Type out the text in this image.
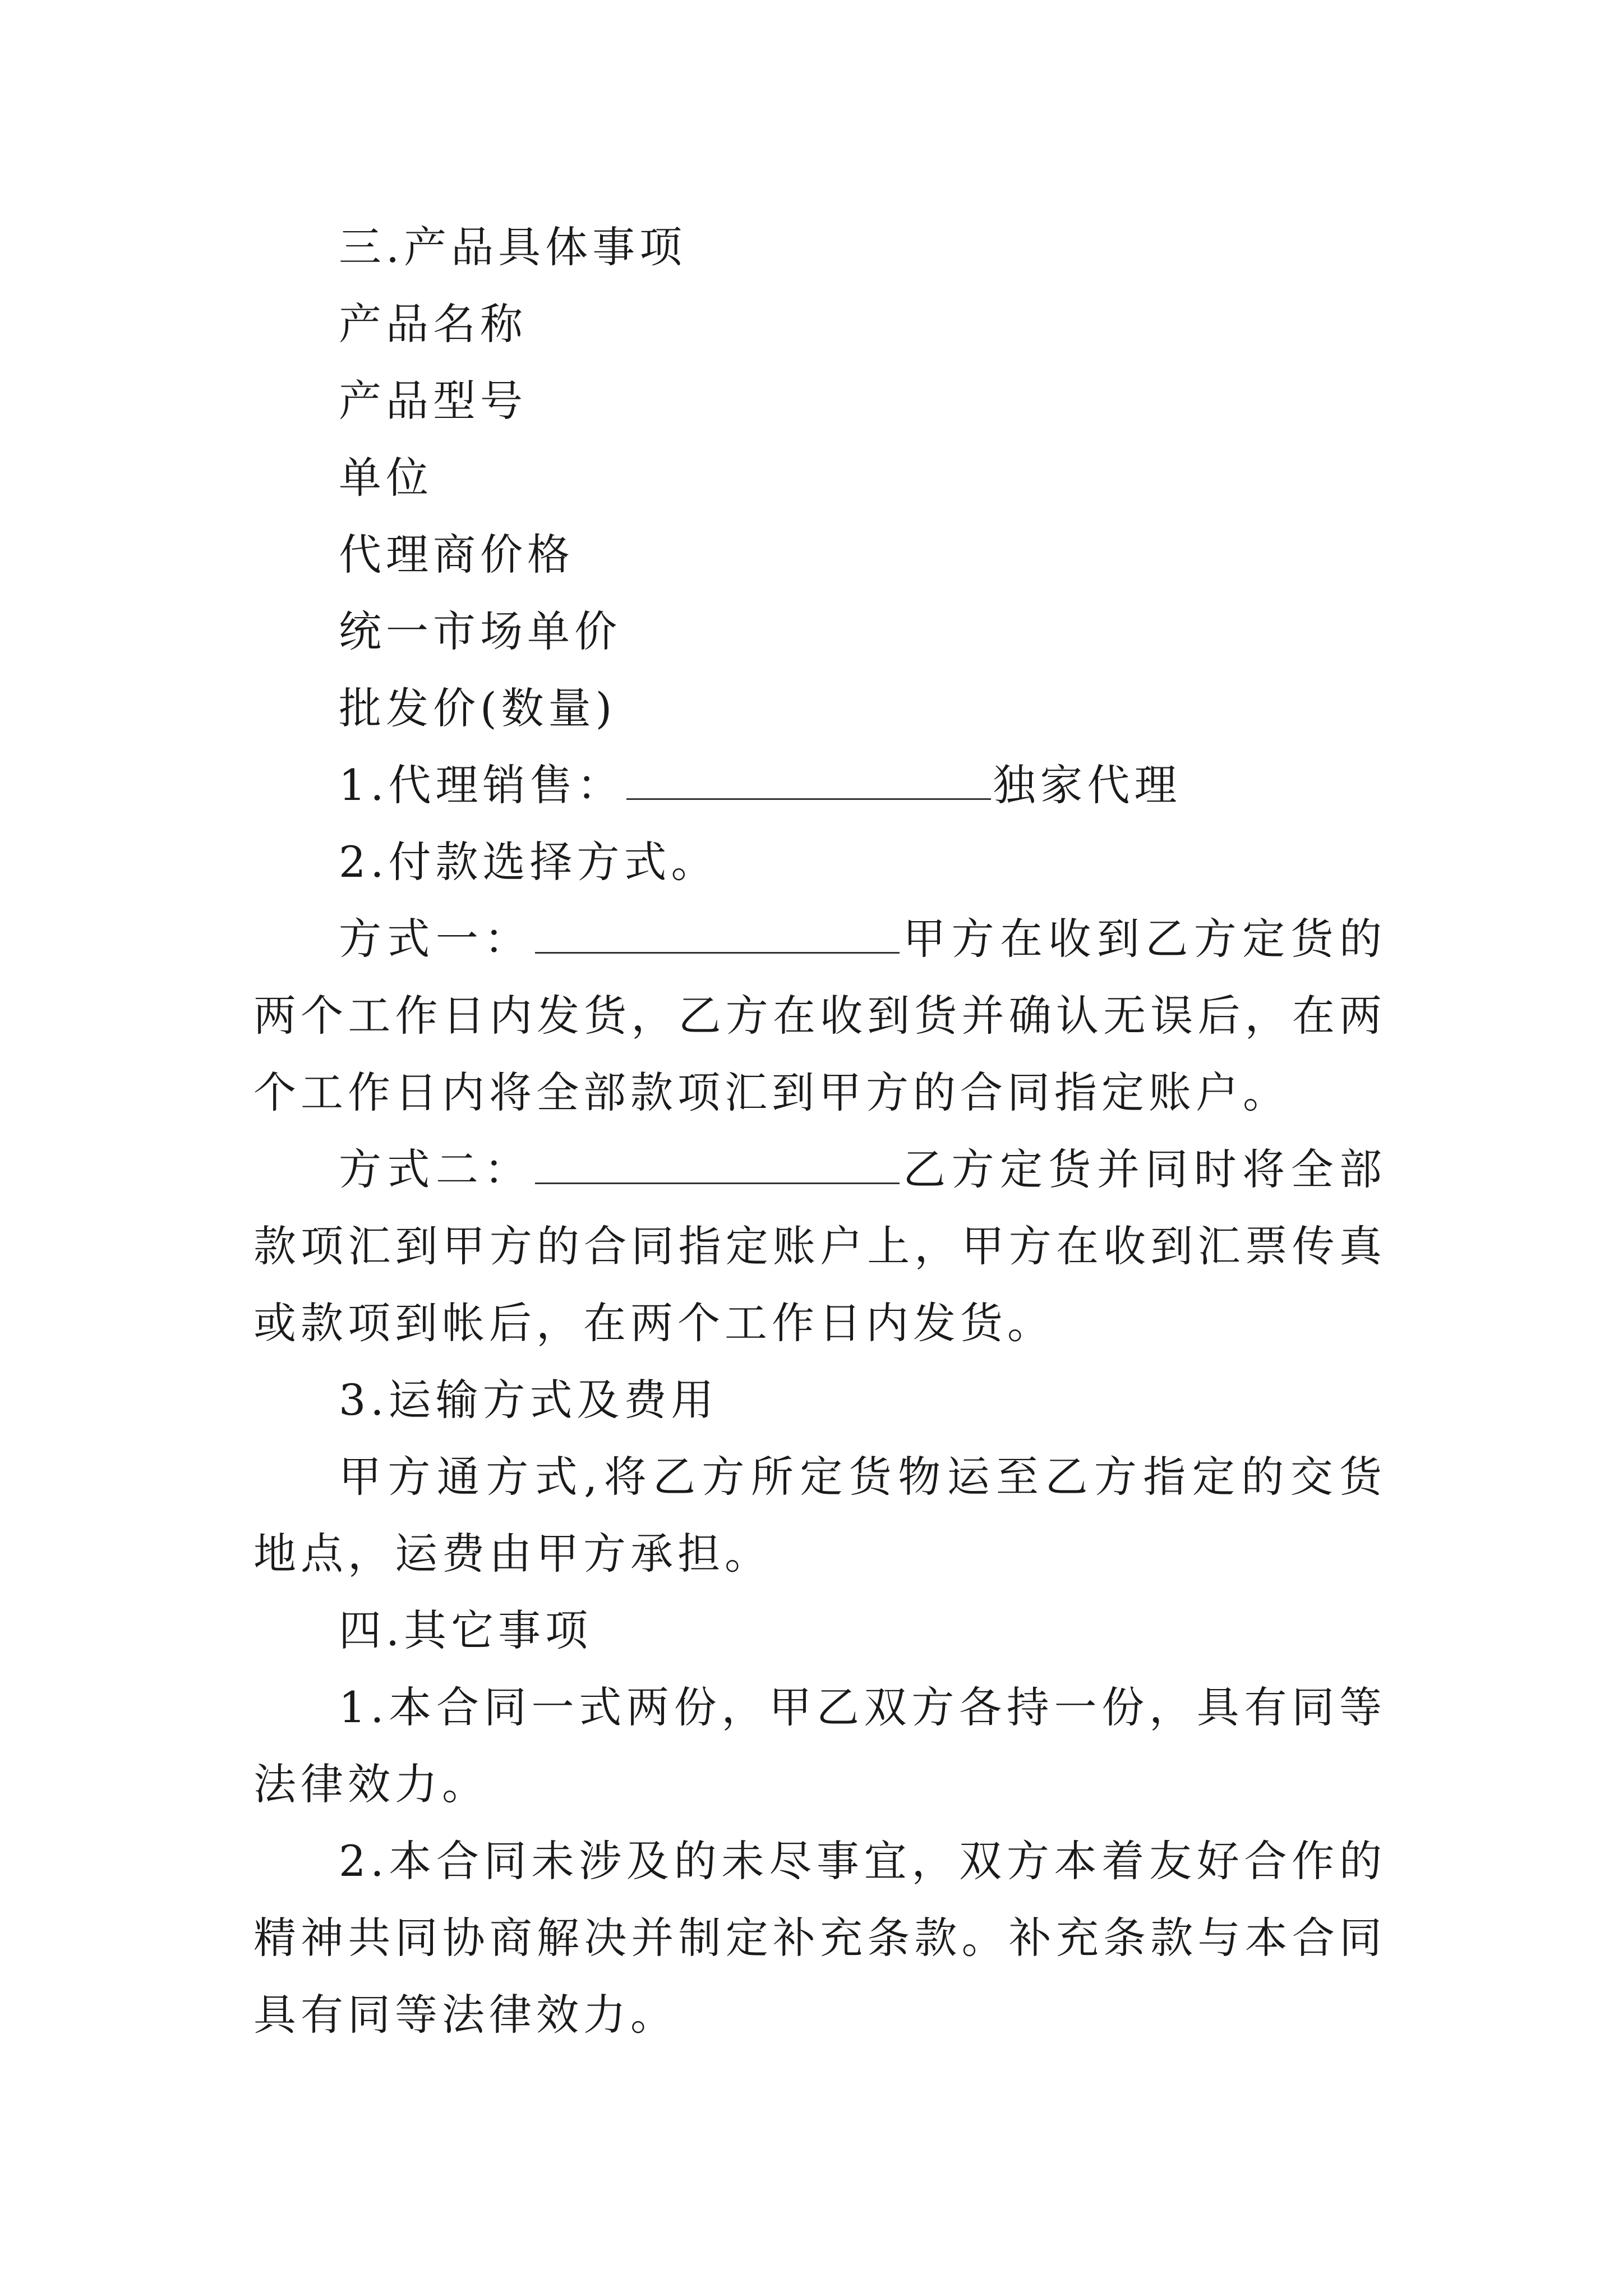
三.产品具体事项

产品名称

产品型号

单位

代理商价格

统一市场单价

批发价(数量)

1.代理销售：	独家代理

2.付款选择方式。

方式一：	甲方在收到乙方定货的两个工作日内发货，乙方在收到货并确认无误后，在两个工作日内将全部款项汇到甲方的合同指定账户。

方式二：	乙方定货并同时将全部款项汇到甲方的合同指定账户上，甲方在收到汇票传真或款项到帐后，在两个工作日内发货。

3.运输方式及费用

甲方通方式,将乙方所定货物运至乙方指定的交货地点，运费由甲方承担。

四.其它事项

1.本合同一式两份，甲乙双方各持一份，具有同等法律效力。

2.本合同未涉及的未尽事宜，双方本着友好合作的精神共同协商解决并制定补充条款。补充条款与本合同具有同等法律效力。
